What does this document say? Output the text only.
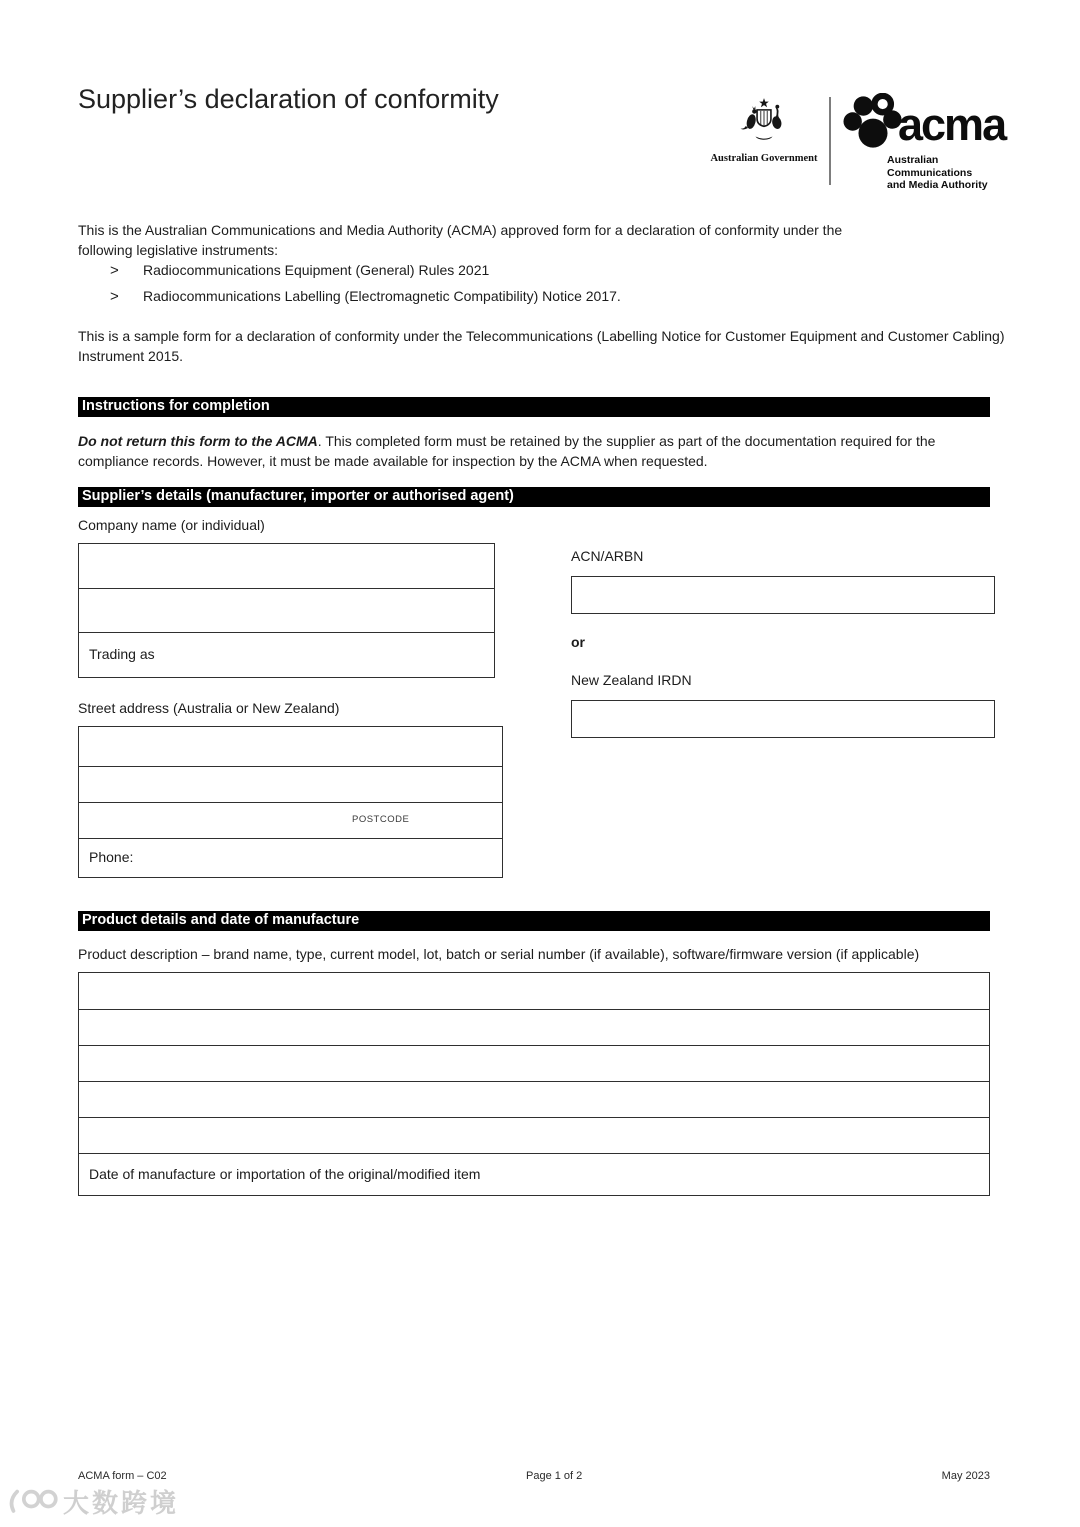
Supplier’s declaration of conformity
Australian Government
acma
Australian
Communications
and Media Authority

This is the Australian Communications and Media Authority (ACMA) approved form for a declaration of conformity under the following legislative instruments:

>	Radiocommunications Equipment (General) Rules 2021
>	Radiocommunications Labelling (Electromagnetic Compatibility) Notice 2017.

This is a sample form for a declaration of conformity under the Telecommunications (Labelling Notice for Customer Equipment and Customer Cabling) Instrument 2015.

Instructions for completion

Do not return this form to the ACMA. This completed form must be retained by the supplier as part of the documentation required for the compliance records. However, it must be made available for inspection by the ACMA when requested.

Supplier’s details (manufacturer, importer or authorised agent)
Company name (or individual)
Trading as
ACN/ARBN
or
New Zealand IRDN
Street address (Australia or New Zealand)
POSTCODE
Phone:
Product details and date of manufacture
Product description – brand name, type, current model, lot, batch or serial number (if available), software/firmware version (if applicable)
Date of manufacture or importation of the original/modified item
ACMA form – C02	Page 1 of 2	May 2023
大数跨境
